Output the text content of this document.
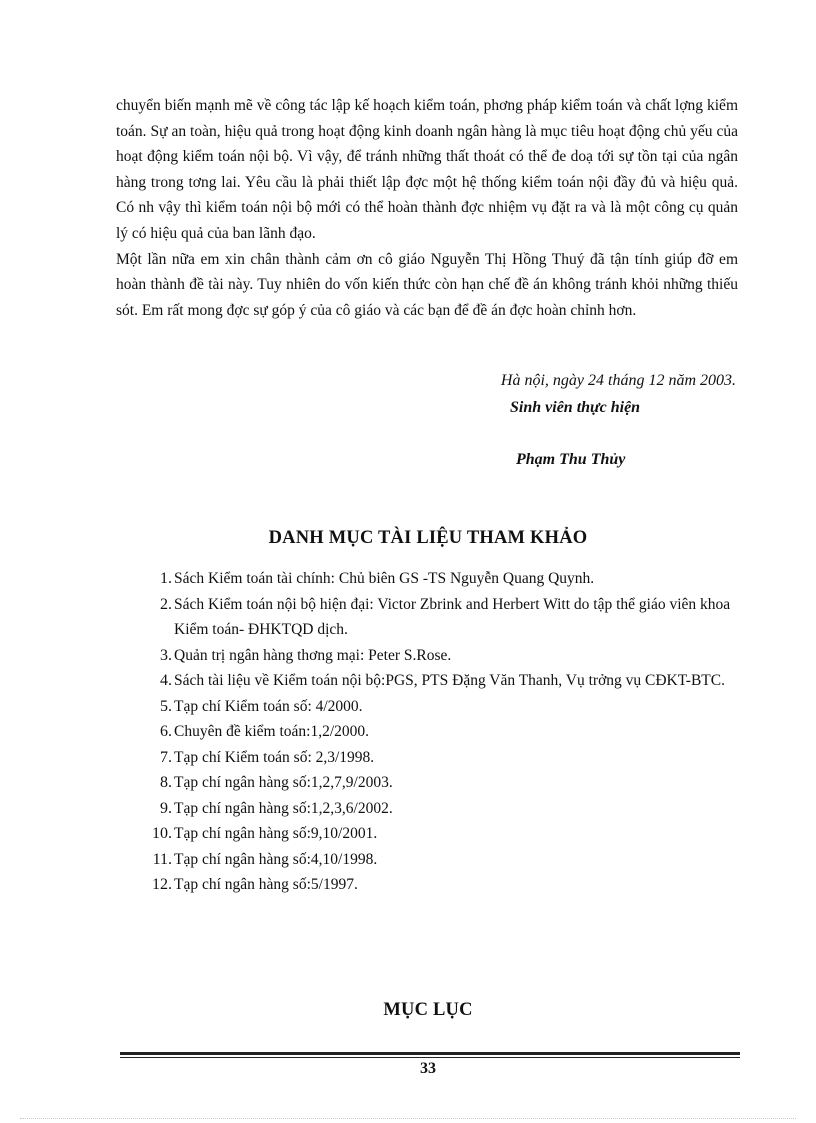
chuyển biến mạnh mẽ về công tác lập kế hoạch kiểm toán, phơng pháp kiểm toán và chất lợng kiểm toán. Sự an toàn, hiệu quả trong hoạt động kinh doanh ngân hàng là mục tiêu hoạt động chủ yếu của hoạt động kiểm toán nội bộ. Vì vậy, để tránh những thất thoát có thể đe doạ tới sự tồn tại của ngân hàng trong tơng lai. Yêu cầu là phải thiết lập đợc một hệ thống kiểm toán nội đầy đủ và hiệu quả. Có nh vậy thì kiểm toán nội bộ mới có thể hoàn thành đợc nhiệm vụ đặt ra và là một công cụ quản lý có hiệu quả của ban lãnh đạo.

Một lần nữa em xin chân thành cảm ơn cô giáo Nguyễn Thị Hồng Thuý đã tận tính giúp đỡ em hoàn thành đề tài này. Tuy nhiên do vốn kiến thức còn hạn chế đề án không tránh khỏi những thiếu sót. Em rất mong đợc sự góp ý của cô giáo và các bạn để đề án đợc hoàn chỉnh hơn.

Hà nội, ngày 24 tháng 12 năm 2003.
Sinh viên thực hiện
Phạm Thu Thủy
DANH MỤC TÀI LIỆU THAM KHẢO
1. Sách Kiểm toán tài chính: Chủ biên GS -TS Nguyễn Quang Quynh.
2. Sách Kiểm toán nội bộ hiện đại: Victor Zbrink and Herbert Witt do tập thể giáo viên khoa Kiểm toán- ĐHKTQD dịch.
3. Quản trị ngân hàng thơng mại: Peter S.Rose.
4. Sách tài liệu về Kiểm toán nội bộ:PGS, PTS Đặng Văn Thanh, Vụ trởng vụ CĐKT-BTC.
5. Tạp chí Kiểm toán số: 4/2000.
6. Chuyên đề kiểm toán:1,2/2000.
7. Tạp chí Kiểm toán số: 2,3/1998.
8. Tạp chí ngân hàng số:1,2,7,9/2003.
9. Tạp chí ngân hàng số:1,2,3,6/2002.
10. Tạp chí ngân hàng số:9,10/2001.
11. Tạp chí ngân hàng số:4,10/1998.
12. Tạp chí ngân hàng số:5/1997.
MỤC LỤC
33
